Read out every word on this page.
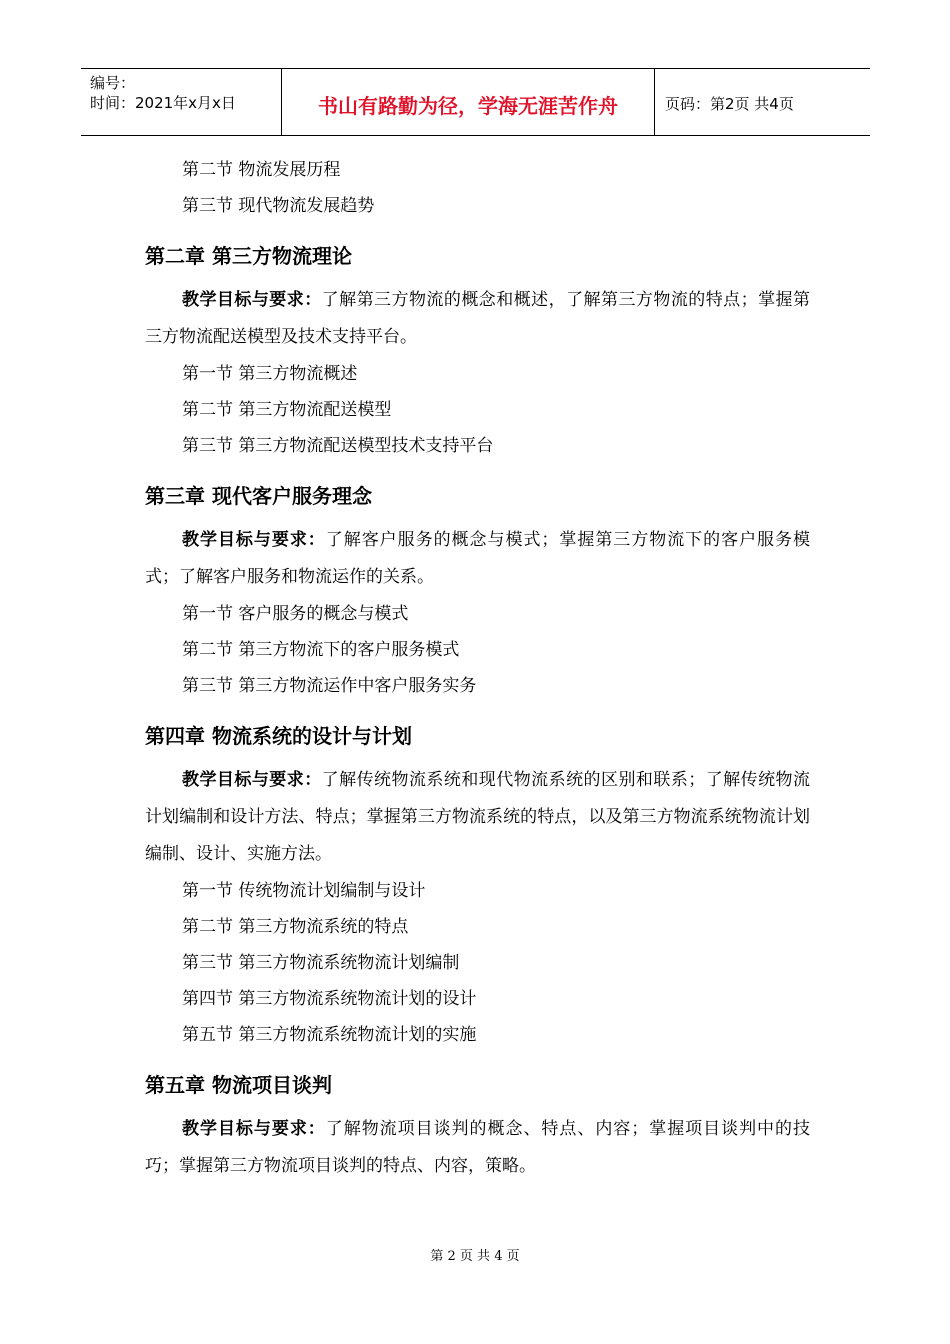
编号：
时间：2021年x月x日	书山有路勤为径，学海无涯苦作舟	页码：第2页 共4页
第二节 物流发展历程
第三节 现代物流发展趋势
第二章 第三方物流理论
教学目标与要求：了解第三方物流的概念和概述，了解第三方物流的特点；掌握第三方物流配送模型及技术支持平台。
第一节 第三方物流概述
第二节 第三方物流配送模型
第三节 第三方物流配送模型技术支持平台
第三章 现代客户服务理念
教学目标与要求：了解客户服务的概念与模式；掌握第三方物流下的客户服务模式；了解客户服务和物流运作的关系。
第一节 客户服务的概念与模式
第二节 第三方物流下的客户服务模式
第三节 第三方物流运作中客户服务实务
第四章 物流系统的设计与计划
教学目标与要求：了解传统物流系统和现代物流系统的区别和联系；了解传统物流计划编制和设计方法、特点；掌握第三方物流系统的特点，以及第三方物流系统物流计划编制、设计、实施方法。
第一节 传统物流计划编制与设计
第二节 第三方物流系统的特点
第三节 第三方物流系统物流计划编制
第四节 第三方物流系统物流计划的设计
第五节 第三方物流系统物流计划的实施
第五章 物流项目谈判
教学目标与要求：了解物流项目谈判的概念、特点、内容；掌握项目谈判中的技巧；掌握第三方物流项目谈判的特点、内容，策略。
第 2 页 共 4 页
